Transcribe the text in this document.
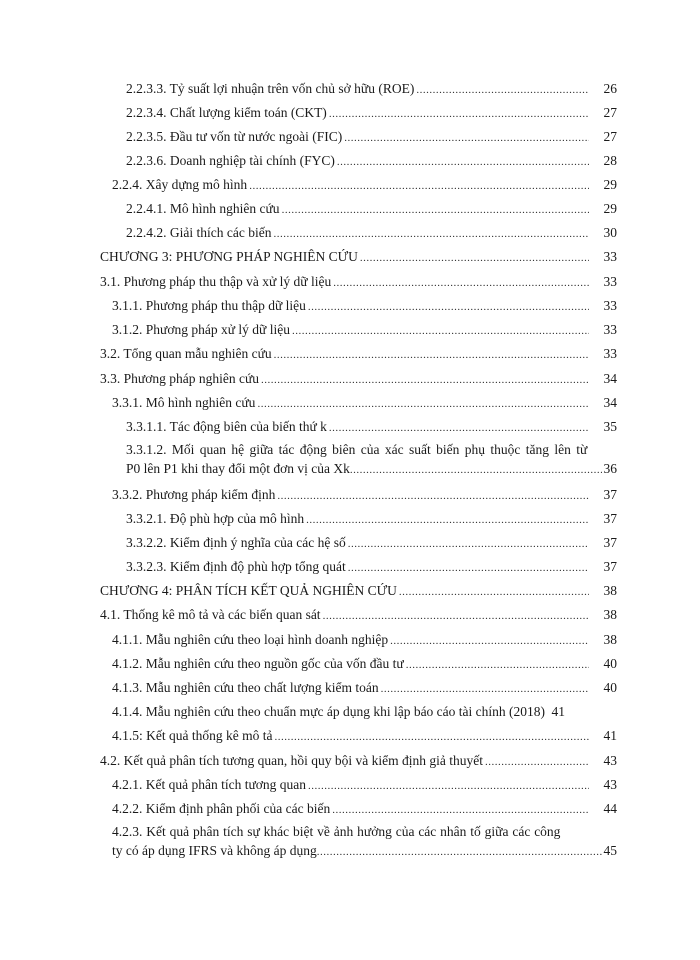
2.2.3.3. Tỷ suất lợi nhuận trên vốn chủ sở hữu (ROE) .....	26
2.2.3.4. Chất lượng kiểm toán (CKT) .....	27
2.2.3.5. Đầu tư vốn từ nước ngoài (FIC) .....	27
2.2.3.6. Doanh nghiệp tài chính (FYC) .....	28
2.2.4. Xây dựng mô hình .....	29
2.2.4.1. Mô hình nghiên cứu .....	29
2.2.4.2. Giải thích các biến .....	30
CHƯƠNG 3: PHƯƠNG PHÁP NGHIÊN CỨU .....	33
3.1. Phương pháp thu thập và xử lý dữ liệu .....	33
3.1.1. Phương pháp thu thập dữ liệu .....	33
3.1.2. Phương pháp xử lý dữ liệu .....	33
3.2. Tổng quan mẫu nghiên cứu .....	33
3.3. Phương pháp nghiên cứu .....	34
3.3.1. Mô hình nghiên cứu .....	34
3.3.1.1. Tác động biên của biến thứ k .....	35
3.3.1.2. Mối quan hệ giữa tác động biên của xác suất biến phụ thuộc tăng lên từ
P0 lên P1 khi thay đổi một đơn vị của Xk .....	36
3.3.2. Phương pháp kiểm định .....	37
3.3.2.1. Độ phù hợp của mô hình .....	37
3.3.2.2. Kiểm định ý nghĩa của các hệ số .....	37
3.3.2.3. Kiểm định độ phù hợp tổng quát .....	37
CHƯƠNG 4: PHÂN TÍCH KẾT QUẢ NGHIÊN CỨU .....	38
4.1. Thống kê mô tả và các biến quan sát .....	38
4.1.1. Mẫu nghiên cứu theo loại hình doanh nghiệp .....	38
4.1.2. Mẫu nghiên cứu theo nguồn gốc của vốn đầu tư .....	40
4.1.3. Mẫu nghiên cứu theo chất lượng kiểm toán .....	40
4.1.4. Mẫu nghiên cứu theo chuẩn mực áp dụng khi lập báo cáo tài chính (2018) 41
4.1.5: Kết quả thống kê mô tả .....	41
4.2. Kết quả phân tích tương quan, hồi quy bội và kiểm định giả thuyết .....	43
4.2.1. Kết quả phân tích tương quan .....	43
4.2.2. Kiểm định phân phối của các biến .....	44
4.2.3. Kết quả phân tích sự khác biệt về ảnh hưởng của các nhân tố giữa các công
ty có áp dụng IFRS và không áp dụng .....	45
